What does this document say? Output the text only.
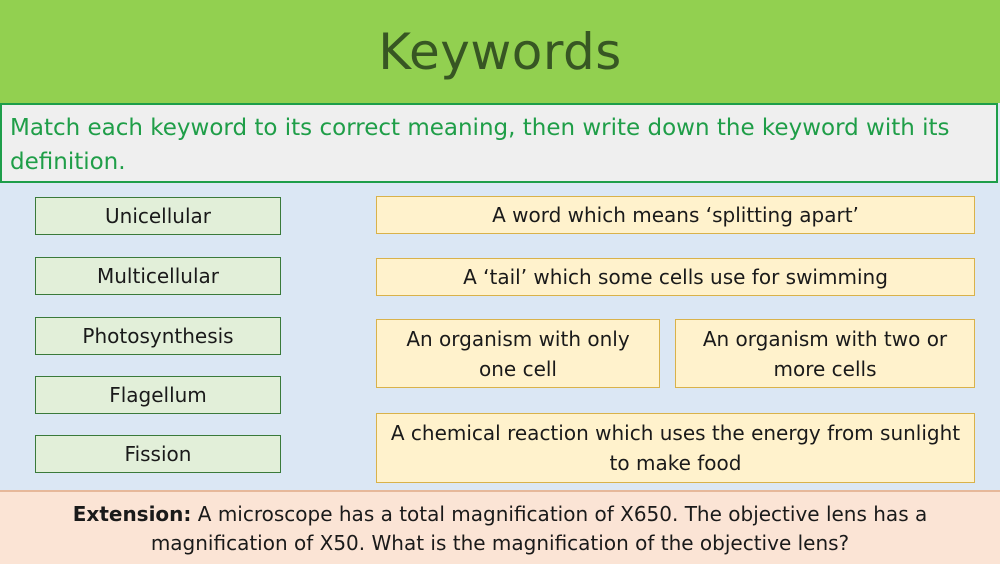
Keywords
Match each keyword to its correct meaning, then write down the keyword with its definition.
Unicellular
Multicellular
Photosynthesis
Flagellum
Fission
A word which means ‘splitting apart’
A ‘tail’ which some cells use for swimming
An organism with only one cell
An organism with two or more cells
A chemical reaction which uses the energy from sunlight to make food
Extension: A microscope has a total magnification of X650. The objective lens has a magnification of X50. What is the magnification of the objective lens?
